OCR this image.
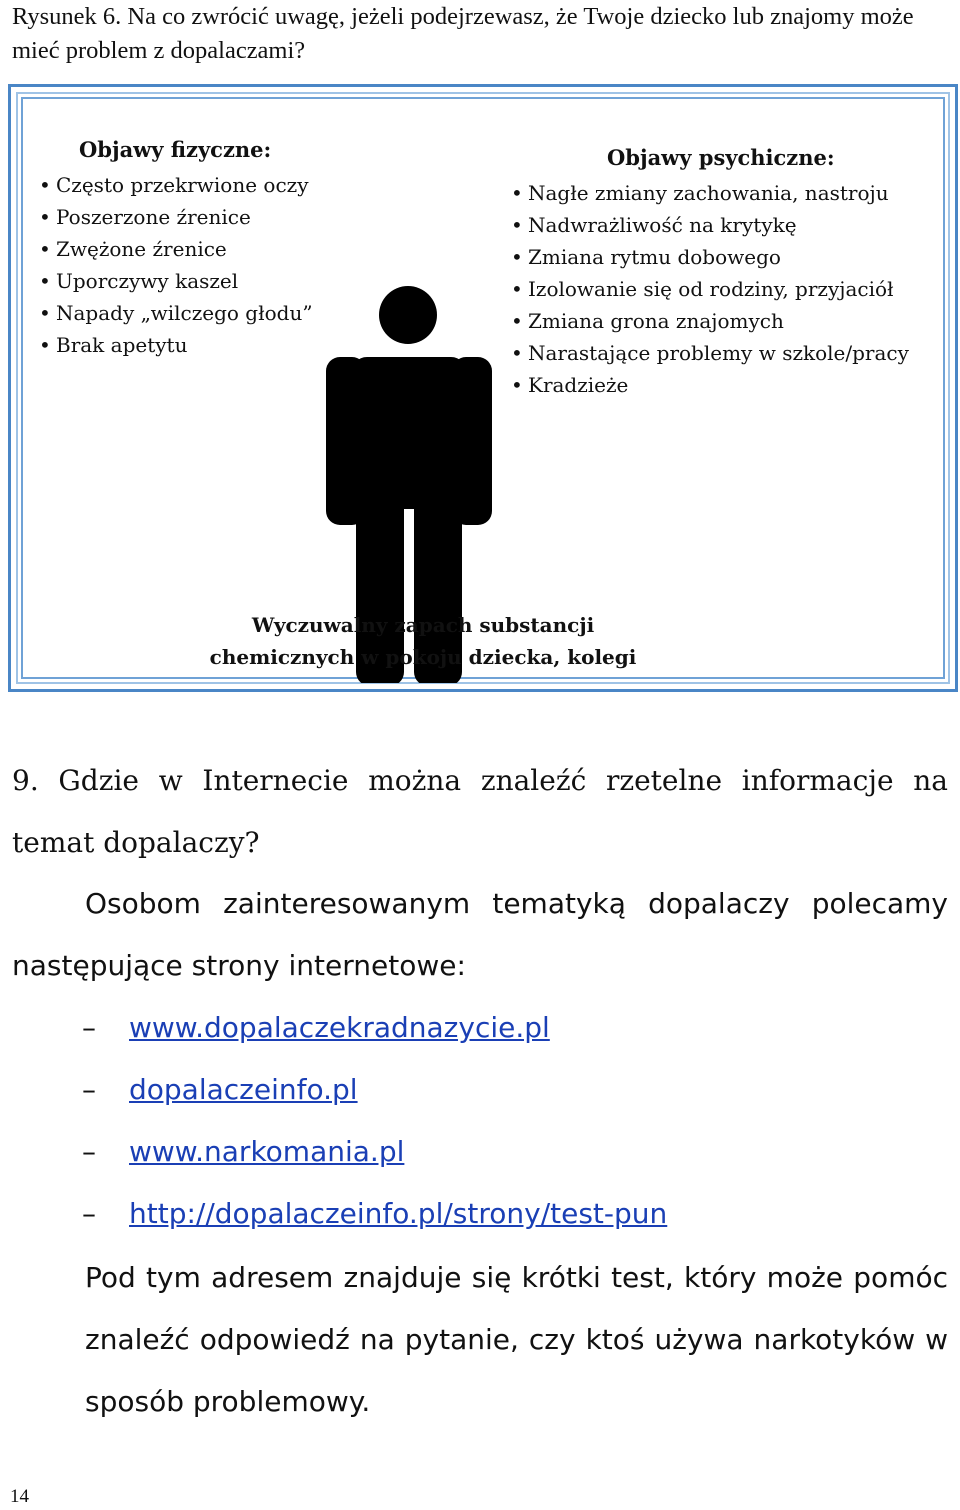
Rysunek 6. Na co zwrócić uwagę, jeżeli podejrzewasz, że Twoje dziecko lub znajomy może mieć problem z dopalaczami?
Objawy fizyczne:
• Często przekrwione oczy
• Poszerzone źrenice
• Zwężone źrenice
• Uporczywy kaszel
• Napady „wilczego głodu”
• Brak apetytu
Objawy psychiczne:
• Nagłe zmiany zachowania, nastroju
• Nadwrażliwość na krytykę
• Zmiana rytmu dobowego
• Izolowanie się od rodziny, przyjaciół
• Zmiana grona znajomych
• Narastające problemy w szkole/pracy
• Kradzieże
Wyczuwalny zapach substancji
chemicznych w pokoju dziecka, kolegi
9. Gdzie w Internecie można znaleźć rzetelne informacje na temat dopalaczy?
Osobom zainteresowanym tematyką dopalaczy polecamy następujące strony internetowe:
– www.dopalaczekradnazycie.pl
– dopalaczeinfo.pl
– www.narkomania.pl
– http://dopalaczeinfo.pl/strony/test-pun
Pod tym adresem znajduje się krótki test, który może pomóc znaleźć odpowiedź na pytanie, czy ktoś używa narkotyków w sposób problemowy.
14
